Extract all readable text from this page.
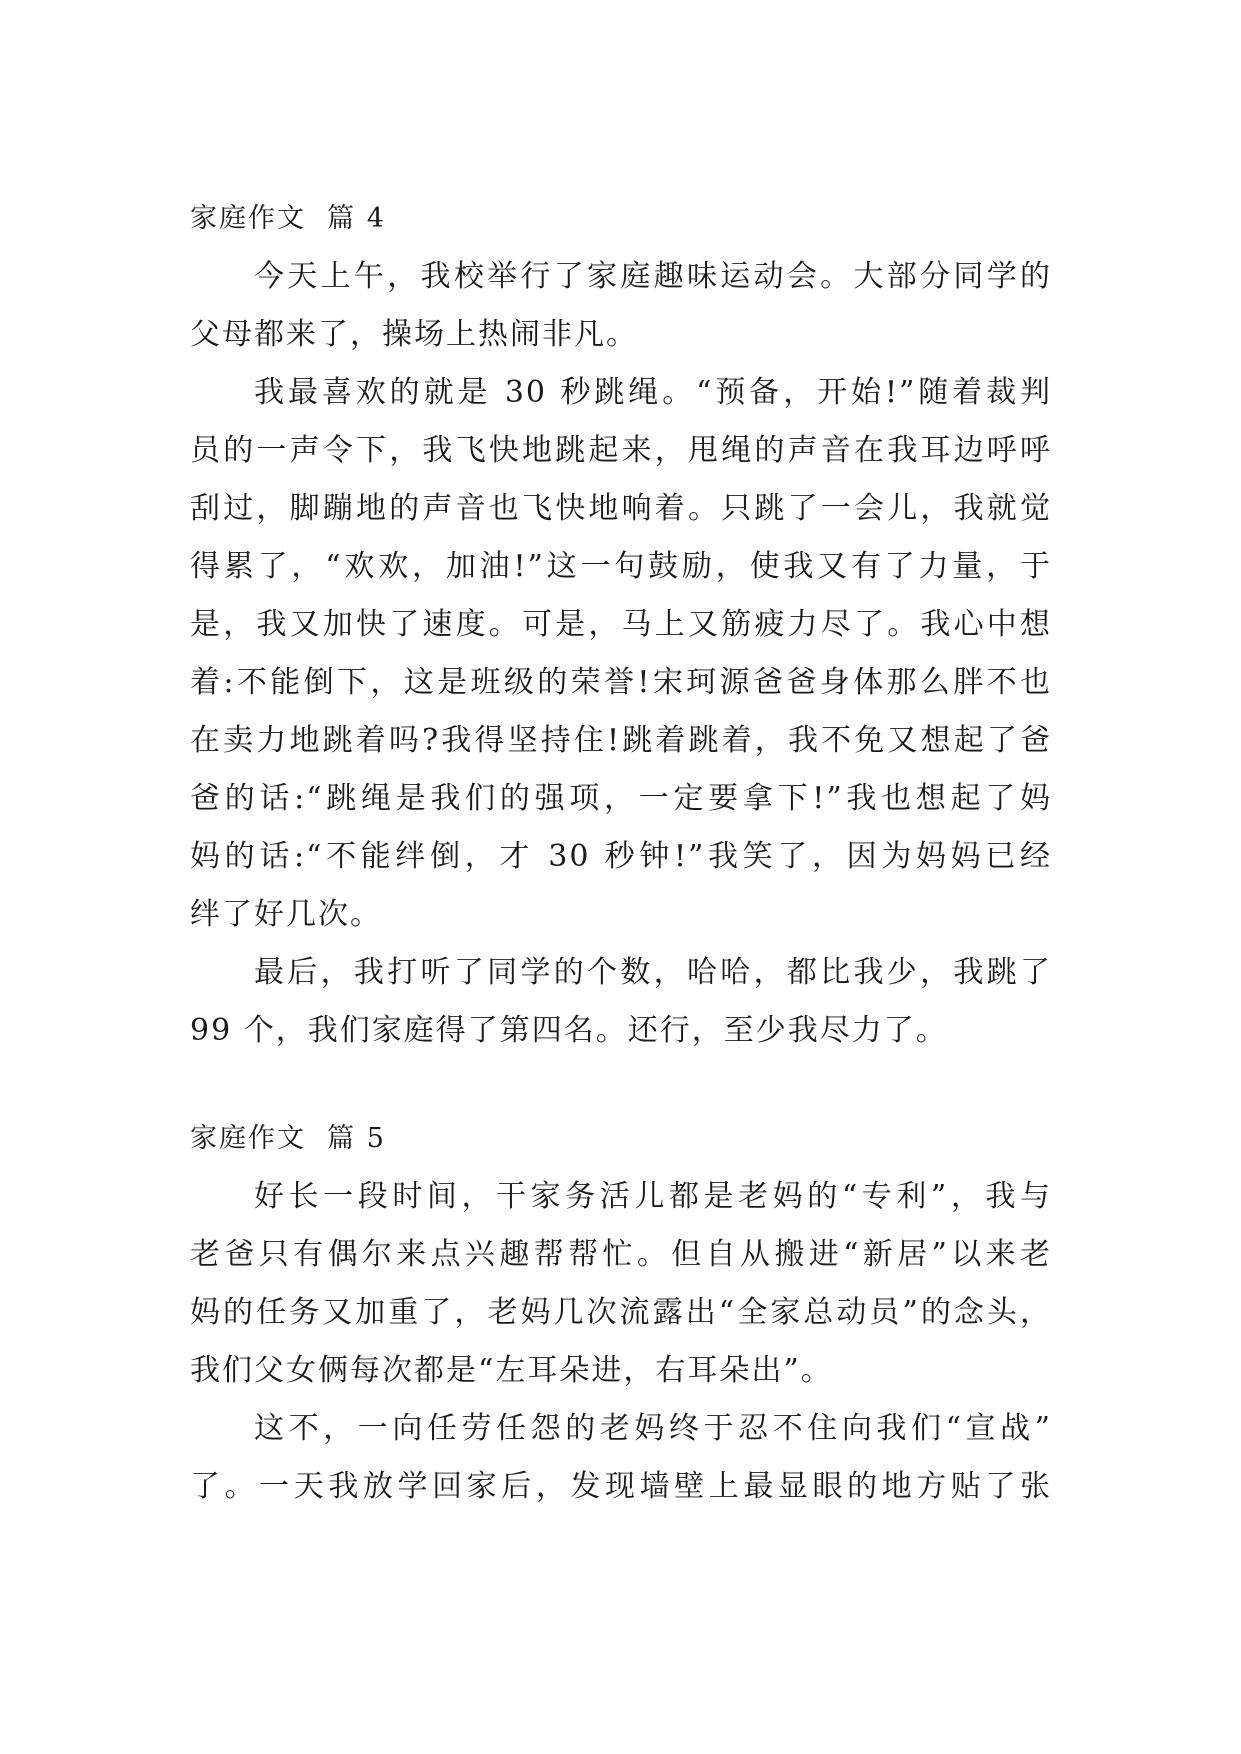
家庭作文  篇 4

今天上午，我校举行了家庭趣味运动会。大部分同学的
父母都来了，操场上热闹非凡。

我最喜欢的就是 30 秒跳绳。“预备，开始!”随着裁判
员的一声令下，我飞快地跳起来，甩绳的声音在我耳边呼呼
刮过，脚蹦地的声音也飞快地响着。只跳了一会儿，我就觉
得累了，“欢欢，加油!”这一句鼓励，使我又有了力量，于
是，我又加快了速度。可是，马上又筋疲力尽了。我心中想
着:不能倒下，这是班级的荣誉!宋珂源爸爸身体那么胖不也
在卖力地跳着吗?我得坚持住!跳着跳着，我不免又想起了爸
爸的话:“跳绳是我们的强项，一定要拿下!”我也想起了妈
妈的话:“不能绊倒，才 30 秒钟!”我笑了，因为妈妈已经
绊了好几次。

最后，我打听了同学的个数，哈哈，都比我少，我跳了
99 个，我们家庭得了第四名。还行，至少我尽力了。

家庭作文  篇 5

好长一段时间，干家务活儿都是老妈的“专利”，我与
老爸只有偶尔来点兴趣帮帮忙。但自从搬进“新居”以来老
妈的任务又加重了，老妈几次流露出“全家总动员”的念头，
我们父女俩每次都是“左耳朵进，右耳朵出”。

这不，一向任劳任怨的老妈终于忍不住向我们“宣战”
了。一天我放学回家后，发现墙壁上最显眼的地方贴了张
